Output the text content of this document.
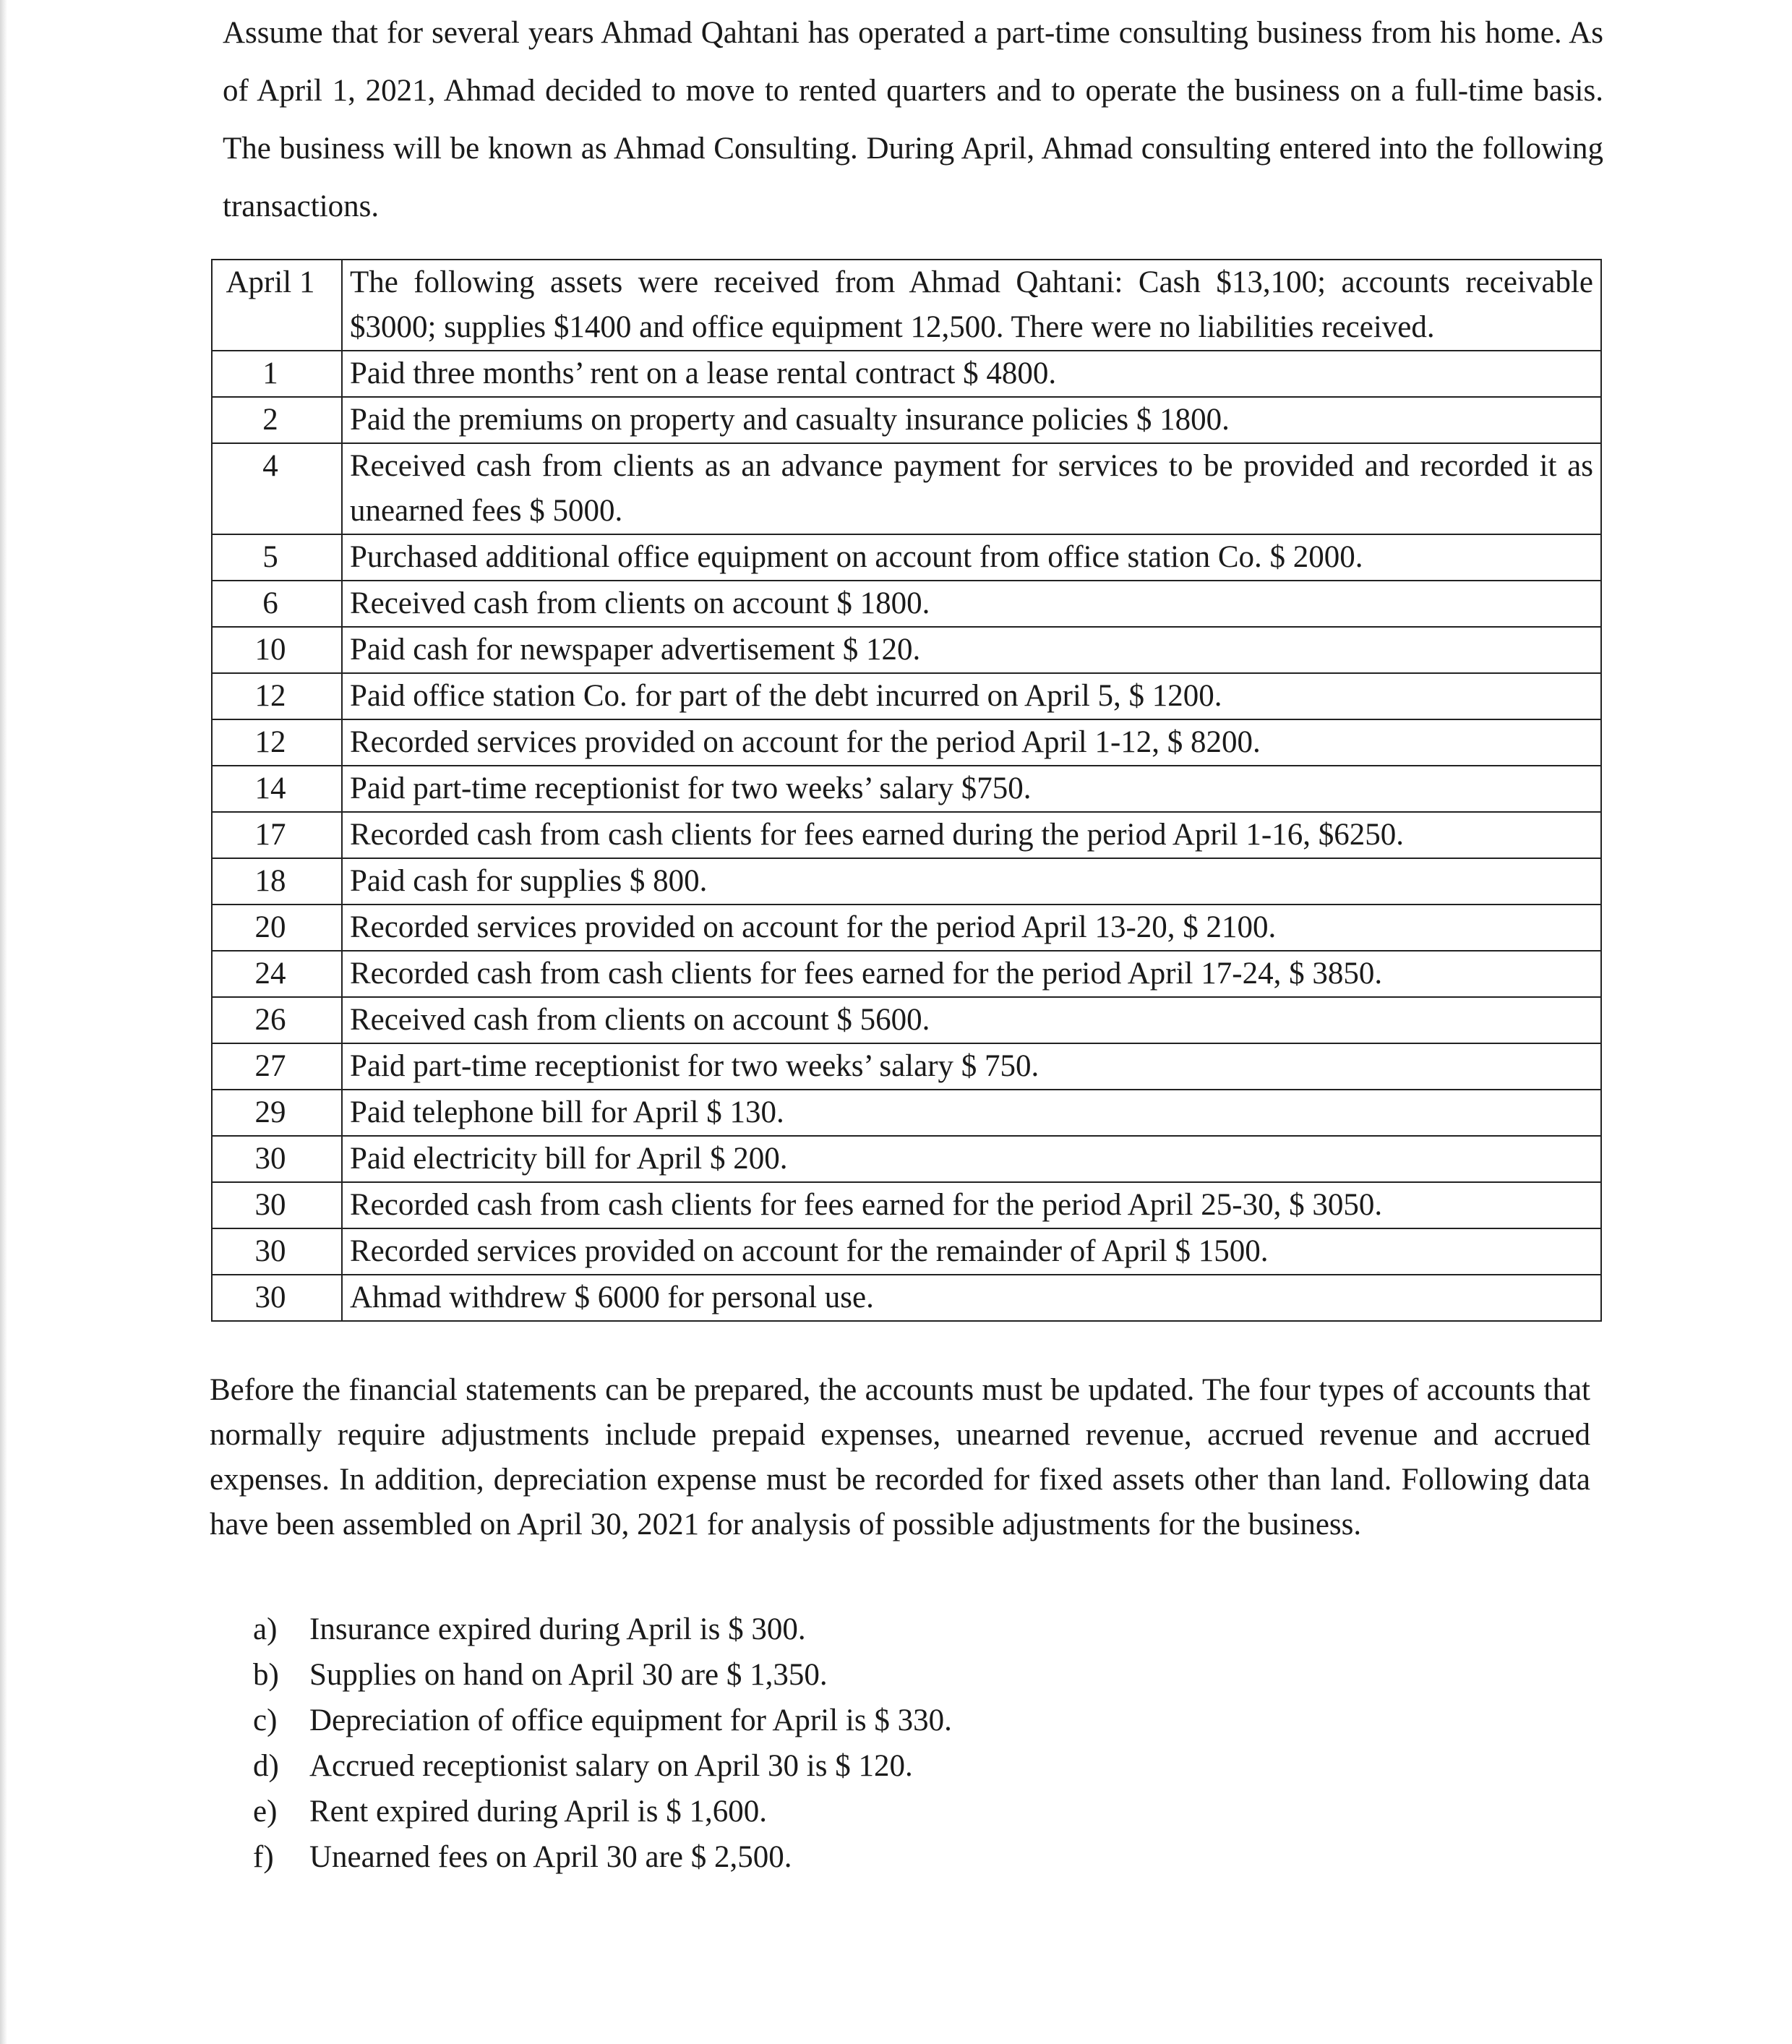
Assume that for several years Ahmad Qahtani has operated a part-time consulting business from his home. As of April 1, 2021, Ahmad decided to move to rented quarters and to operate the business on a full-time basis. The business will be known as Ahmad Consulting. During April, Ahmad consulting entered into the following transactions.

April 1	The following assets were received from Ahmad Qahtani: Cash $13,100; accounts receivable $3000; supplies $1400 and office equipment 12,500. There were no liabilities received.
1	Paid three months’ rent on a lease rental contract $ 4800.
2	Paid the premiums on property and casualty insurance policies $ 1800.
4	Received cash from clients as an advance payment for services to be provided and recorded it as unearned fees $ 5000.
5	Purchased additional office equipment on account from office station Co. $ 2000.
6	Received cash from clients on account $ 1800.
10	Paid cash for newspaper advertisement $ 120.
12	Paid office station Co. for part of the debt incurred on April 5, $ 1200.
12	Recorded services provided on account for the period April 1-12, $ 8200.
14	Paid part-time receptionist for two weeks’ salary $750.
17	Recorded cash from cash clients for fees earned during the period April 1-16, $6250.
18	Paid cash for supplies $ 800.
20	Recorded services provided on account for the period April 13-20, $ 2100.
24	Recorded cash from cash clients for fees earned for the period April 17-24, $ 3850.
26	Received cash from clients on account $ 5600.
27	Paid part-time receptionist for two weeks’ salary $ 750.
29	Paid telephone bill for April $ 130.
30	Paid electricity bill for April $ 200.
30	Recorded cash from cash clients for fees earned for the period April 25-30, $ 3050.
30	Recorded services provided on account for the remainder of April $ 1500.
30	Ahmad withdrew $ 6000 for personal use.

Before the financial statements can be prepared, the accounts must be updated. The four types of accounts that normally require adjustments include prepaid expenses, unearned revenue, accrued revenue and accrued expenses. In addition, depreciation expense must be recorded for fixed assets other than land. Following data have been assembled on April 30, 2021 for analysis of possible adjustments for the business.

a)	Insurance expired during April is $ 300.
b) Supplies on hand on April 30 are $ 1,350.
c)	Depreciation of office equipment for April is $ 330.
d) Accrued receptionist salary on April 30 is $ 120.
e)	Rent expired during April is $ 1,600.
f)	Unearned fees on April 30 are $ 2,500.
